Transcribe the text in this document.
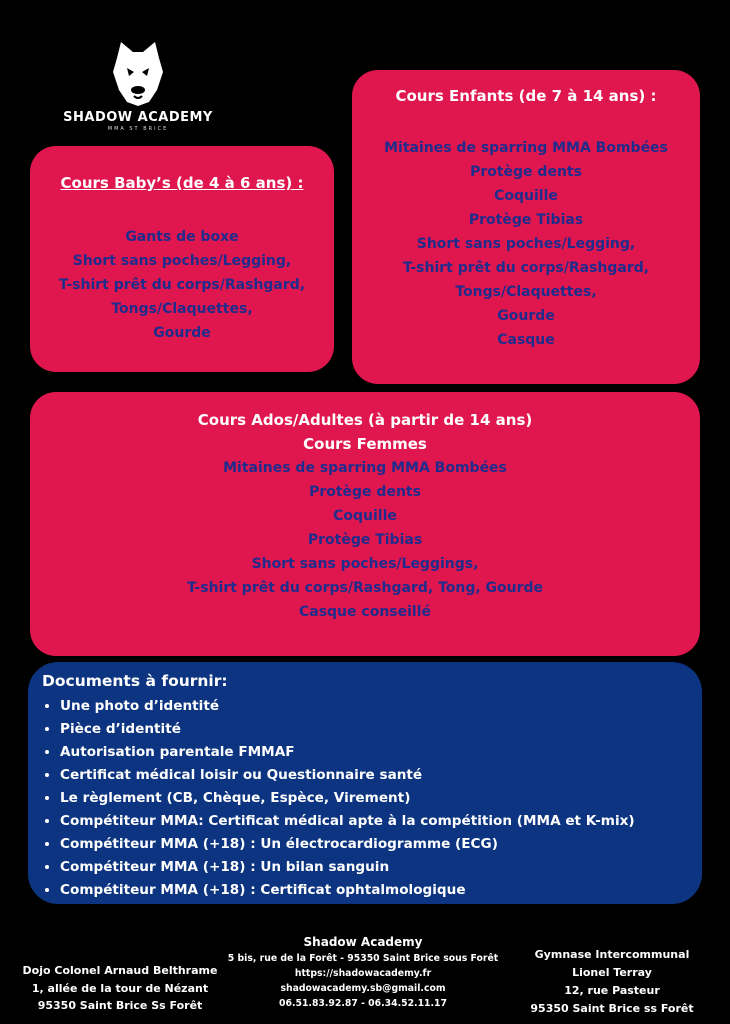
SHADOW ACADEMY
MMA ST BRICE
Cours Baby’s (de 4 à 6 ans) :
Gants de boxe
Short sans poches/Legging,
T-shirt prêt du corps/Rashgard,
Tongs/Claquettes,
Gourde
Cours Enfants (de 7 à 14 ans) :
Mitaines de sparring MMA Bombées
Protège dents
Coquille
Protège Tibias
Short sans poches/Legging,
T-shirt prêt du corps/Rashgard,
Tongs/Claquettes,
Gourde
Casque
Cours Ados/Adultes (à partir de 14 ans)
Cours Femmes
Mitaines de sparring MMA Bombées
Protège dents
Coquille
Protège Tibias
Short sans poches/Leggings,
T-shirt prêt du corps/Rashgard, Tong, Gourde
Casque conseillé
Documents à fournir:
• Une photo d’identité
• Pièce d’identité
• Autorisation parentale FMMAF
• Certificat médical loisir ou Questionnaire santé
• Le règlement (CB, Chèque, Espèce, Virement)
• Compétiteur MMA: Certificat médical apte à la compétition (MMA et K-mix)
• Compétiteur MMA (+18) : Un électrocardiogramme (ECG)
• Compétiteur MMA (+18) : Un bilan sanguin
• Compétiteur MMA (+18) : Certificat ophtalmologique
Dojo Colonel Arnaud Belthrame
1, allée de la tour de Nézant
95350 Saint Brice Ss Forêt
Shadow Academy
5 bis, rue de la Forêt - 95350 Saint Brice sous Forêt
https://shadowacademy.fr
shadowacademy.sb@gmail.com
06.51.83.92.87 - 06.34.52.11.17
Gymnase Intercommunal
Lionel Terray
12, rue Pasteur
95350 Saint Brice ss Forêt
